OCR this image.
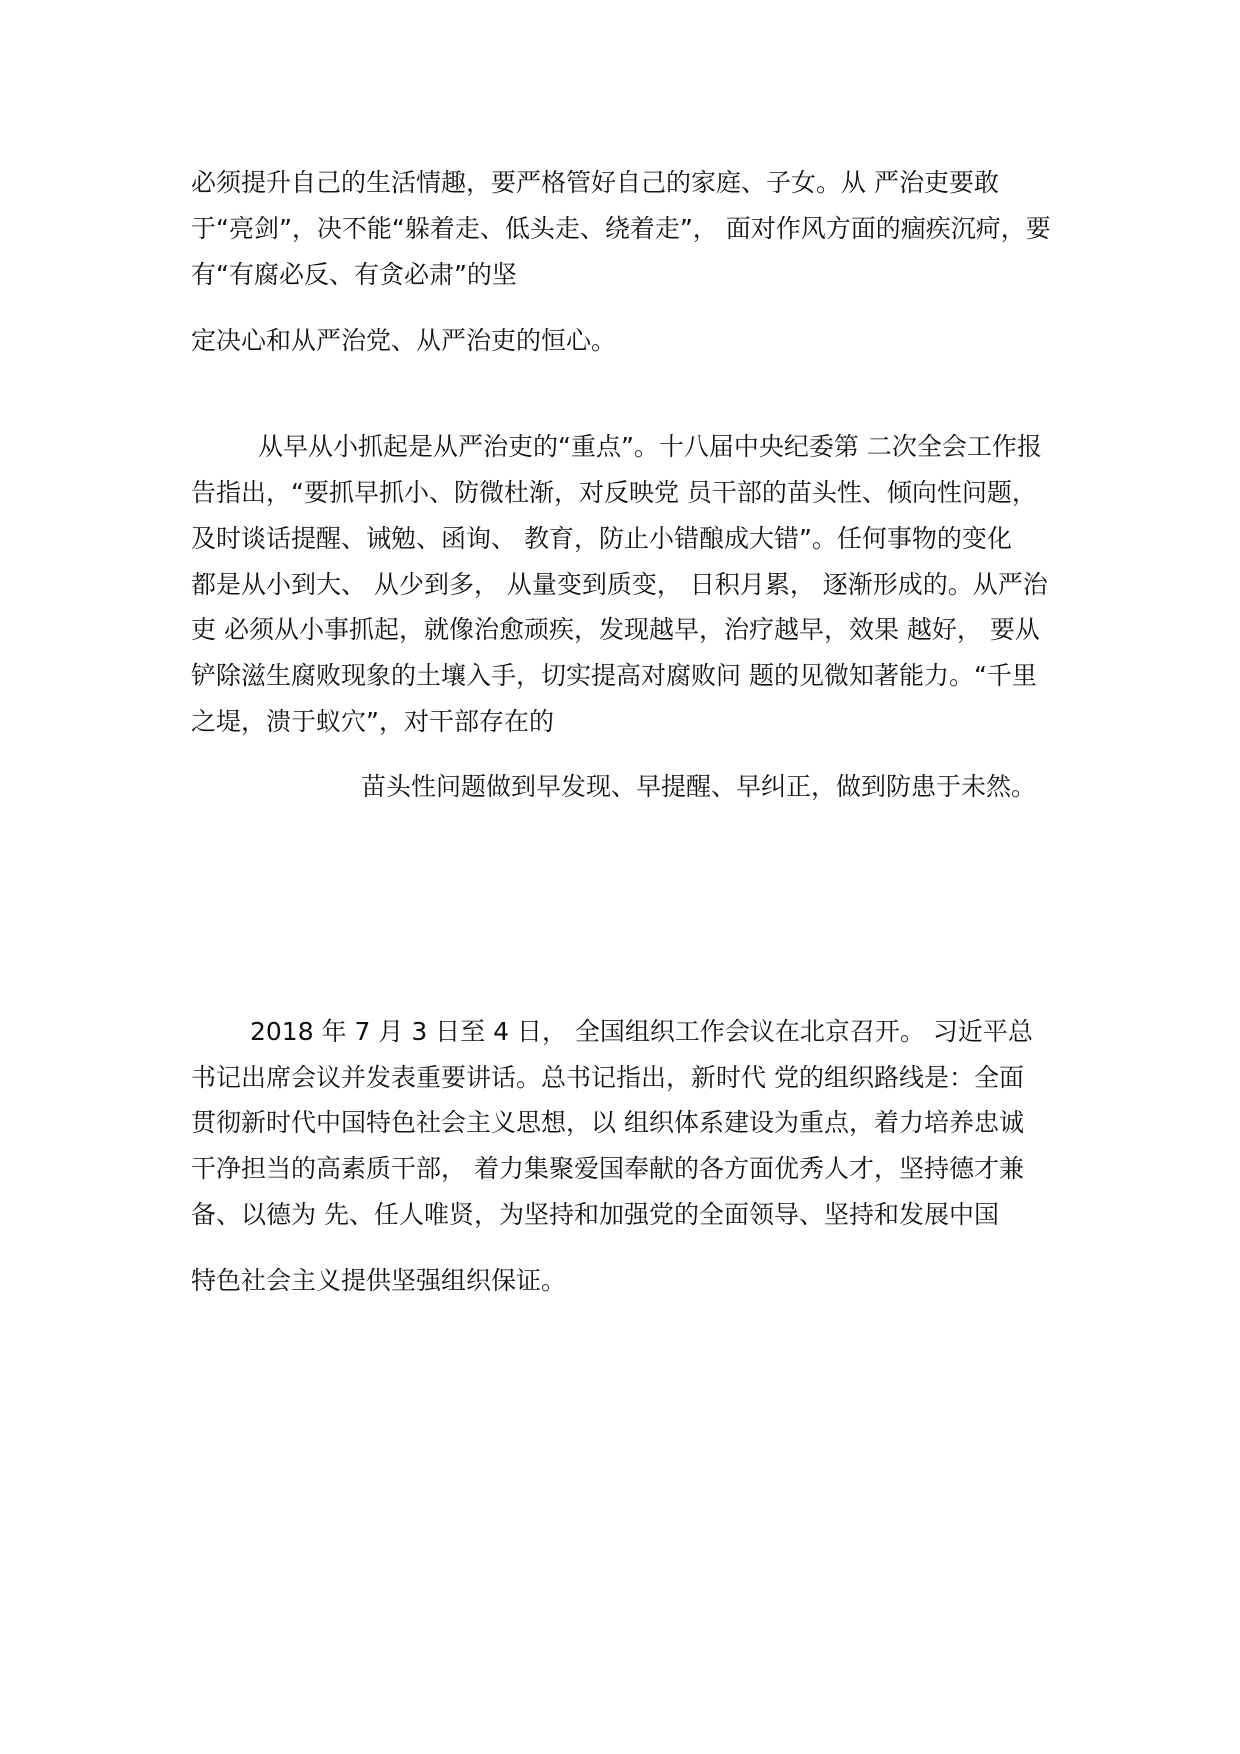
必须提升自己的生活情趣，要严格管好自己的家庭、子女。从 严治吏要敢
于“亮剑”，决不能“躲着走、低头走、绕着走”， 面对作风方面的痼疾沉疴，要
有“有腐必反、有贪必肃”的坚
定决心和从严治党、从严治吏的恒心。
从早从小抓起是从严治吏的“重点”。十八届中央纪委第 二次全会工作报
告指出，“要抓早抓小、防微杜渐，对反映党 员干部的苗头性、倾向性问题，
及时谈话提醒、诫勉、函询、 教育，防止小错酿成大错”。任何事物的变化
都是从小到大、 从少到多， 从量变到质变， 日积月累， 逐渐形成的。从严治
吏 必须从小事抓起，就像治愈顽疾，发现越早，治疗越早，效果 越好， 要从
铲除滋生腐败现象的土壤入手，切实提高对腐败问 题的见微知著能力。“千里
之堤，溃于蚁穴”，对干部存在的
苗头性问题做到早发现、早提醒、早纠正，做到防患于未然。
2018 年 7 月 3 日至 4 日， 全国组织工作会议在北京召开。 习近平总
书记出席会议并发表重要讲话。总书记指出，新时代 党的组织路线是：全面
贯彻新时代中国特色社会主义思想，以 组织体系建设为重点，着力培养忠诚
干净担当的高素质干部， 着力集聚爱国奉献的各方面优秀人才，坚持德才兼
备、以德为 先、任人唯贤，为坚持和加强党的全面领导、坚持和发展中国
特色社会主义提供坚强组织保证。
